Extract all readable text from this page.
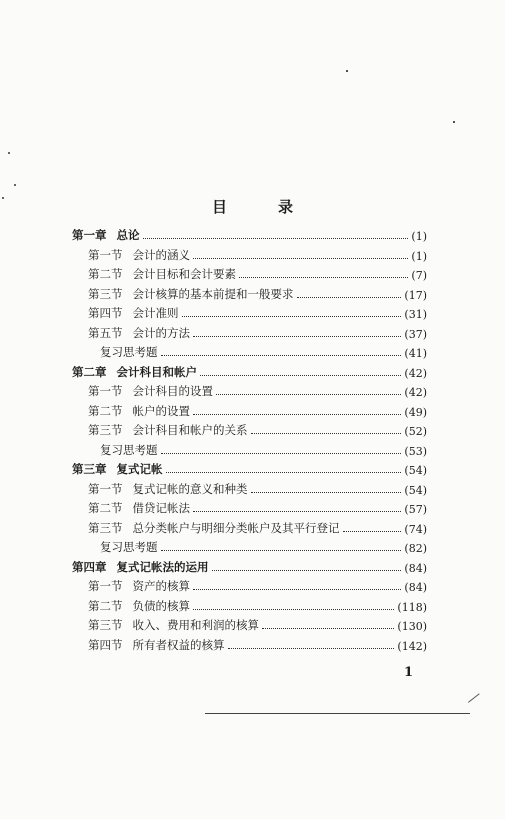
目　录
第一章 总论	(1)
第一节 会计的涵义	(1)
第二节 会计目标和会计要素	(7)
第三节 会计核算的基本前提和一般要求	(17)
第四节 会计准则	(31)
第五节 会计的方法	(37)
复习思考题	(41)
第二章 会计科目和帐户	(42)
第一节 会计科目的设置	(42)
第二节 帐户的设置	(49)
第三节 会计科目和帐户的关系	(52)
复习思考题	(53)
第三章 复式记帐	(54)
第一节 复式记帐的意义和种类	(54)
第二节 借贷记帐法	(57)
第三节 总分类帐户与明细分类帐户及其平行登记	(74)
复习思考题	(82)
第四章 复式记帐法的运用	(84)
第一节 资产的核算	(84)
第二节 负债的核算	(118)
第三节 收入、费用和利润的核算	(130)
第四节 所有者权益的核算	(142)
1
